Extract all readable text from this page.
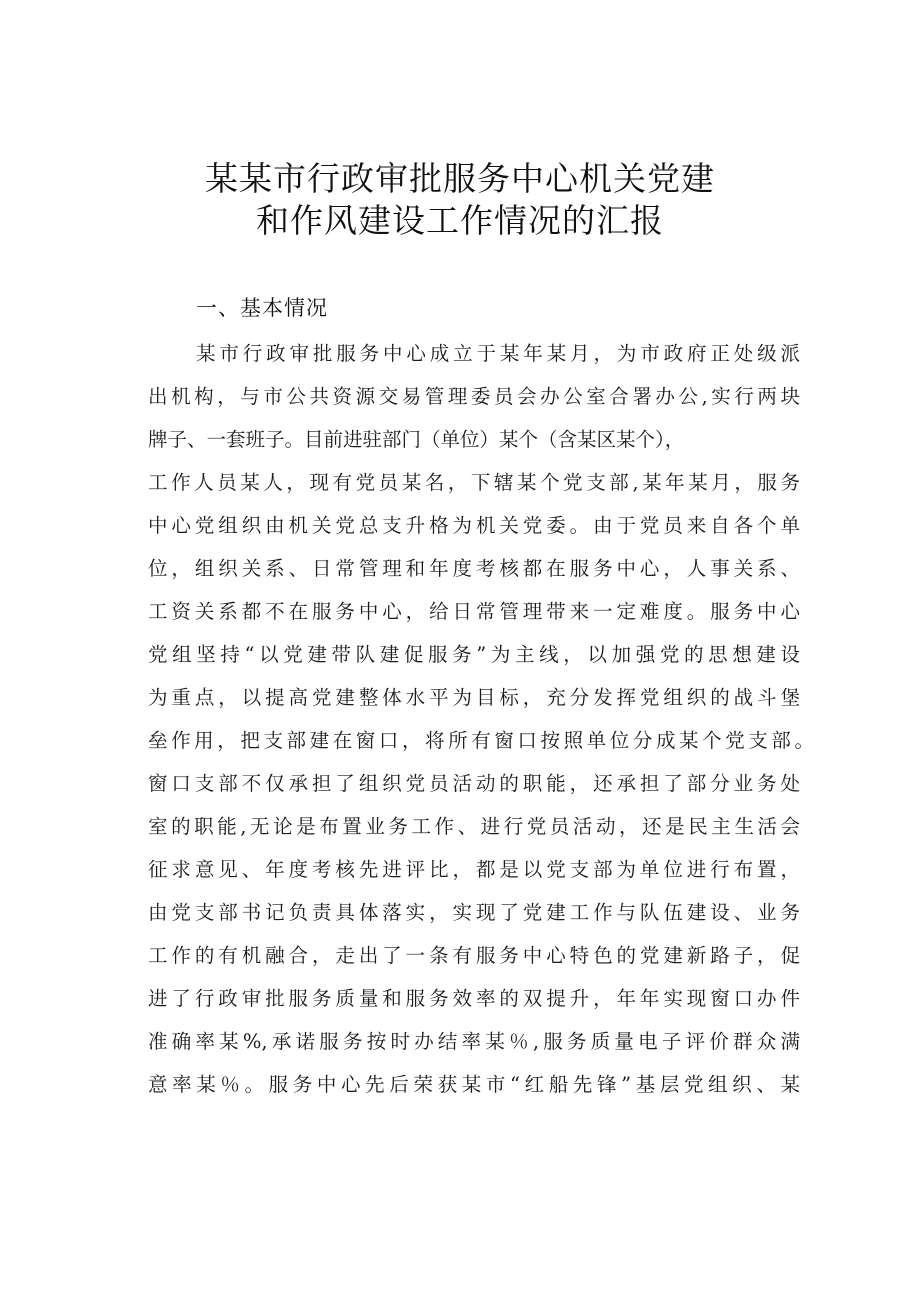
某某市行政审批服务中心机关党建
和作风建设工作情况的汇报
一、基本情况
某市行政审批服务中心成立于某年某月，为市政府正处级派
出机构，与市公共资源交易管理委员会办公室合署办公,实行两块
牌子、一套班子。目前进驻部门（单位）某个（含某区某个），
工作人员某人，现有党员某名，下辖某个党支部,某年某月，服务
中心党组织由机关党总支升格为机关党委。由于党员来自各个单
位，组织关系、日常管理和年度考核都在服务中心，人事关系、
工资关系都不在服务中心，给日常管理带来一定难度。服务中心
党组坚持“以党建带队建促服务”为主线，以加强党的思想建设
为重点，以提高党建整体水平为目标，充分发挥党组织的战斗堡
垒作用，把支部建在窗口，将所有窗口按照单位分成某个党支部。
窗口支部不仅承担了组织党员活动的职能，还承担了部分业务处
室的职能,无论是布置业务工作、进行党员活动，还是民主生活会
征求意见、年度考核先进评比，都是以党支部为单位进行布置，
由党支部书记负责具体落实，实现了党建工作与队伍建设、业务
工作的有机融合，走出了一条有服务中心特色的党建新路子，促
进了行政审批服务质量和服务效率的双提升，年年实现窗口办件
准确率某%,承诺服务按时办结率某％,服务质量电子评价群众满
意率某％。服务中心先后荣获某市“红船先锋”基层党组织、某
